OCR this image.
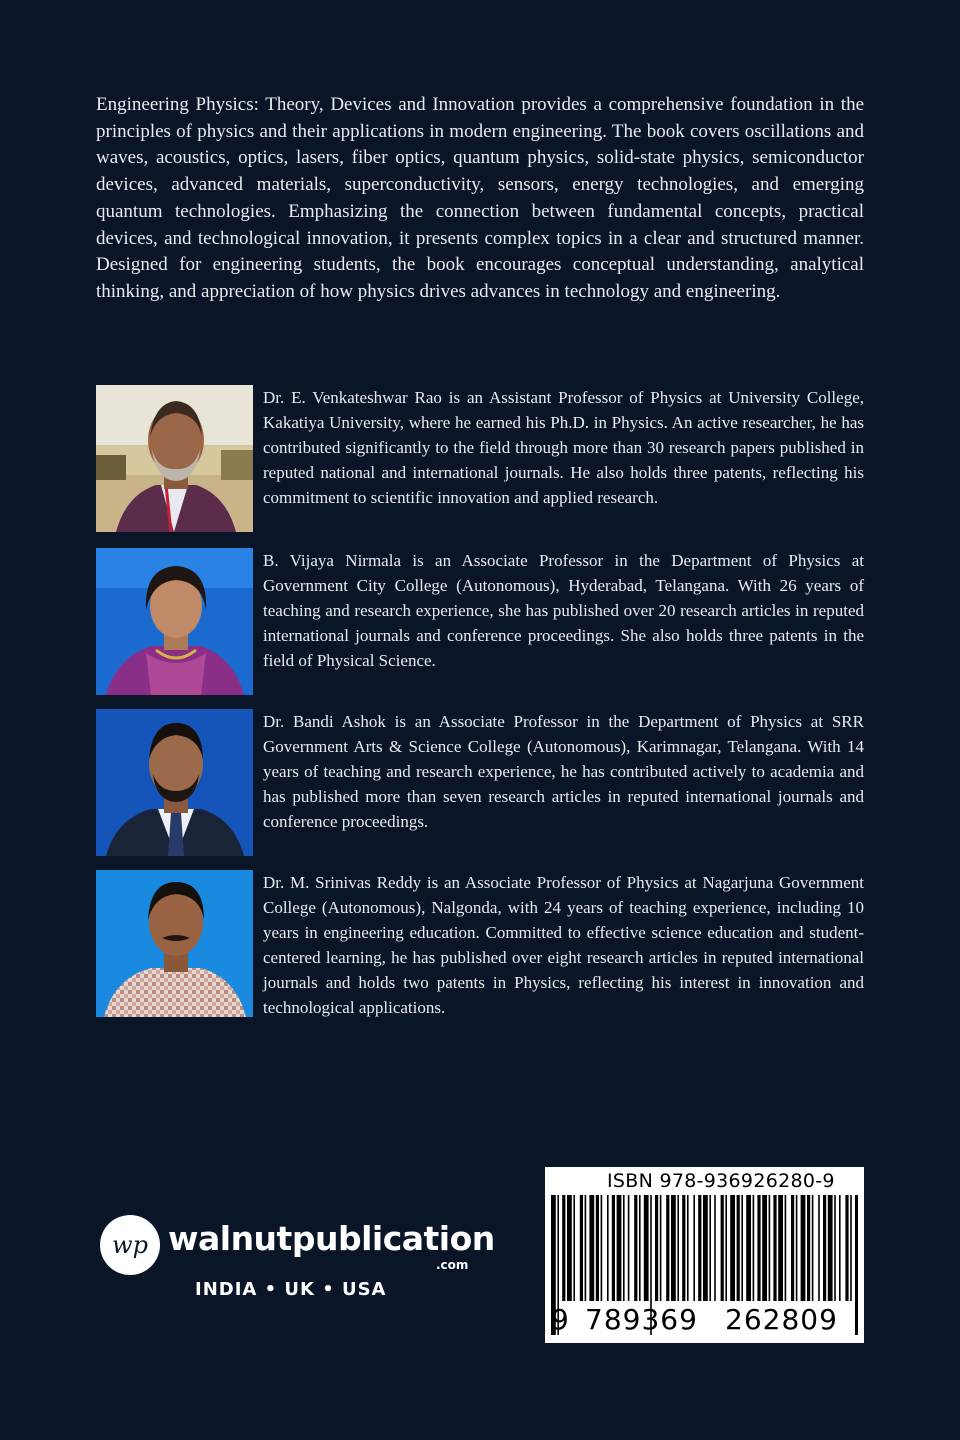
Engineering Physics: Theory, Devices and Innovation provides a comprehensive foundation in the principles of physics and their applications in modern engineering. The book covers oscillations and waves, acoustics, optics, lasers, fiber optics, quantum physics, solid-state physics, semiconductor devices, advanced materials, superconductivity, sensors, energy technologies, and emerging quantum technologies. Emphasizing the connection between fundamental concepts, practical devices, and technological innovation, it presents complex topics in a clear and structured manner. Designed for engineering students, the book encourages conceptual understanding, analytical thinking, and appreciation of how physics drives advances in technology and engineering.

Dr. E. Venkateshwar Rao is an Assistant Professor of Physics at University College, Kakatiya University, where he earned his Ph.D. in Physics. An active researcher, he has contributed significantly to the field through more than 30 research papers published in reputed national and international journals. He also holds three patents, reflecting his commitment to scientific innovation and applied research.

B. Vijaya Nirmala is an Associate Professor in the Department of Physics at Government City College (Autonomous), Hyderabad, Telangana. With 26 years of teaching and research experience, she has published over 20 research articles in reputed international journals and conference proceedings. She also holds three patents in the field of Physical Science.

Dr. Bandi Ashok is an Associate Professor in the Department of Physics at SRR Government Arts & Science College (Autonomous), Karimnagar, Telangana. With 14 years of teaching and research experience, he has contributed actively to academia and has published more than seven research articles in reputed international journals and conference proceedings.

Dr. M. Srinivas Reddy is an Associate Professor of Physics at Nagarjuna Government College (Autonomous), Nalgonda, with 24 years of teaching experience, including 10 years in engineering education. Committed to effective science education and student-centered learning, he has published over eight research articles in reputed international journals and holds two patents in Physics, reflecting his interest in innovation and technological applications.

wp walnutpublication
.com
INDIA • UK • USA
ISBN 978-936926280-9
9 789369 262809
